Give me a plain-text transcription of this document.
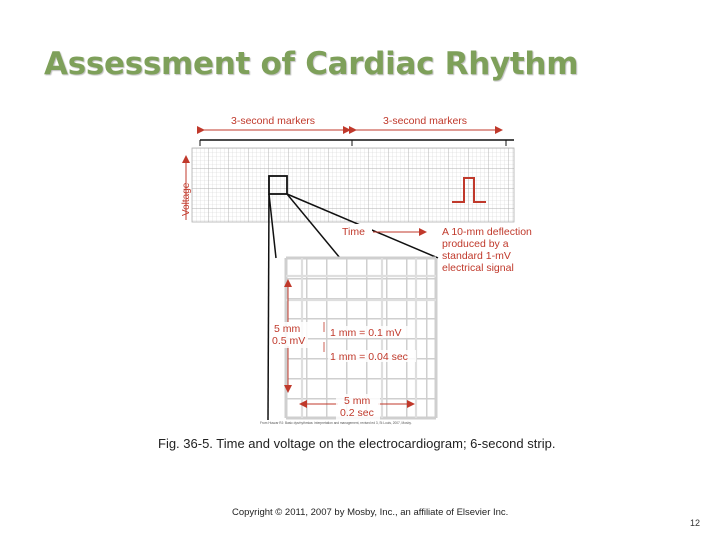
Assessment of Cardiac Rhythm
3-second markers	3-second markers
Voltage
Time	A 10-mm deflection
produced by a
standard 1-mV
electrical signal
5 mm
0.5 mV
1 mm = 0.1 mV
1 mm = 0.04 sec
5 mm
0.2 sec
From Huszar RJ: Basic dysrhythmias: interpretation and management, revised ed 3, St Louis, 2007, Mosby.
Fig. 36-5. Time and voltage on the electrocardiogram; 6-second strip.
Copyright © 2011, 2007 by Mosby, Inc., an affiliate of Elsevier Inc.
12
